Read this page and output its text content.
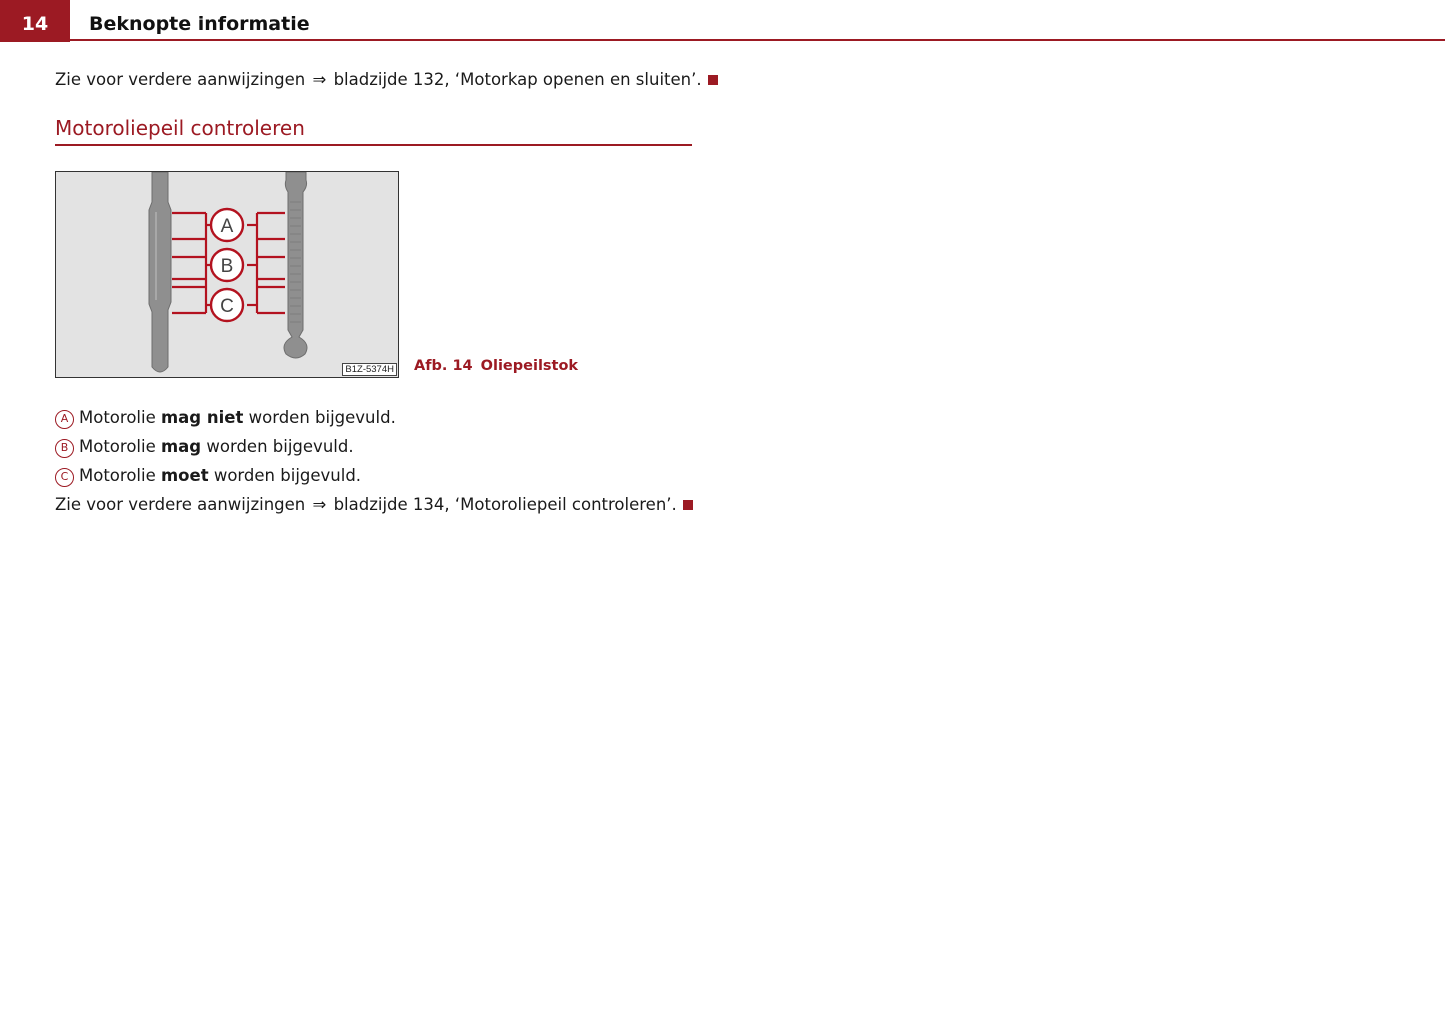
14	Beknopte informatie
Zie voor verdere aanwijzingen ⇒ bladzijde 132, ‘Motorkap openen en sluiten’.
Motoroliepeil controleren
A
B
C
B1Z-5374H Afb. 14 Oliepeilstok
A Motorolie mag niet worden bijgevuld.
B Motorolie mag worden bijgevuld.
C Motorolie moet worden bijgevuld.
Zie voor verdere aanwijzingen ⇒ bladzijde 134, ‘Motoroliepeil controleren’.
